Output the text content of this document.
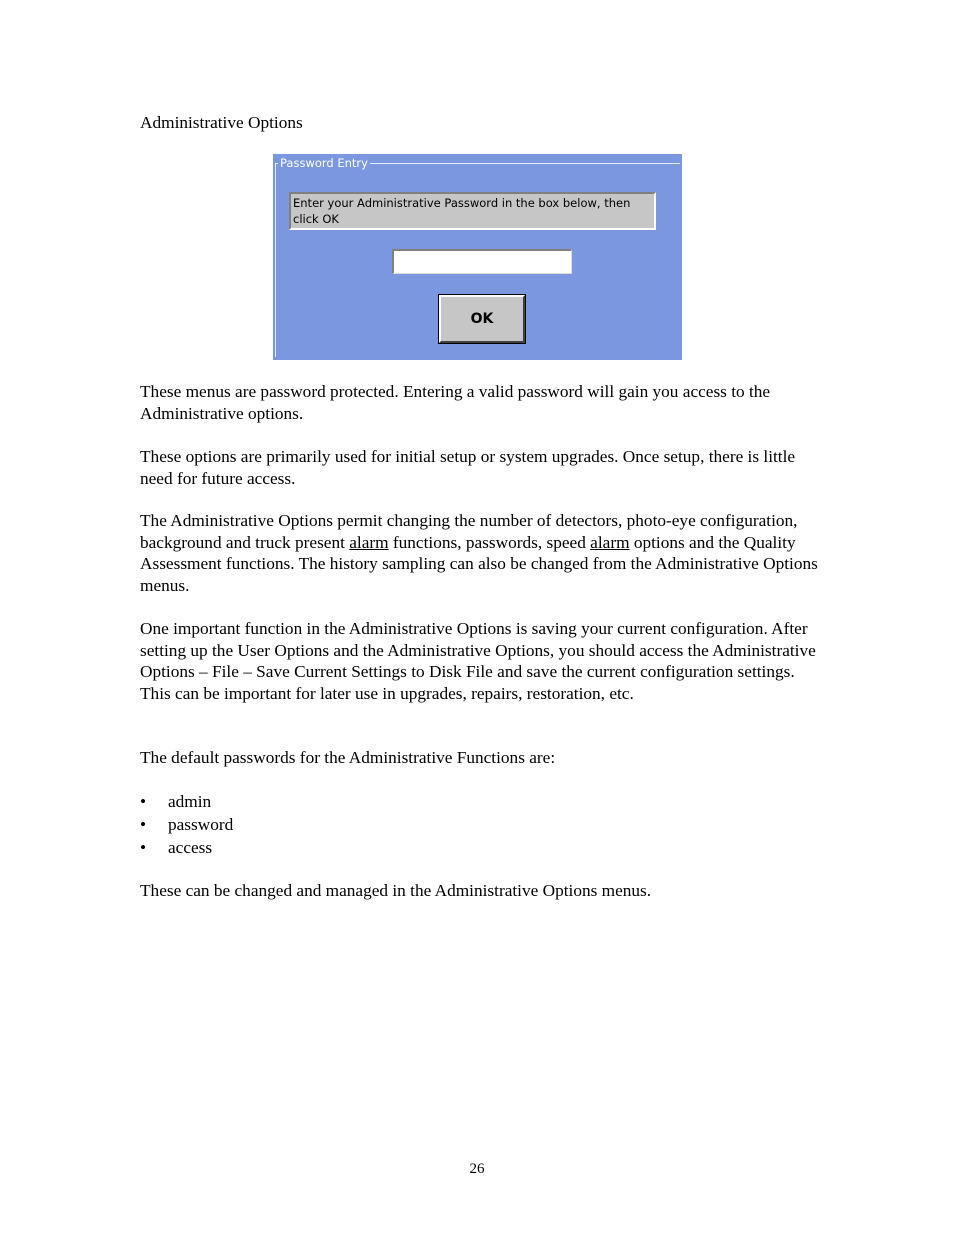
Administrative Options
Password Entry
Enter your Administrative Password in the box below, then click OK
OK

These menus are password protected. Entering a valid password will gain you access to the Administrative options.

These options are primarily used for initial setup or system upgrades. Once setup, there is little need for future access.

The Administrative Options permit changing the number of detectors, photo-eye configuration, background and truck present alarm functions, passwords, speed alarm options and the Quality Assessment functions. The history sampling can also be changed from the Administrative Options menus.

One important function in the Administrative Options is saving your current configuration. After setting up the User Options and the Administrative Options, you should access the Administrative Options – File – Save Current Settings to Disk File and save the current configuration settings. This can be important for later use in upgrades, repairs, restoration, etc.

The default passwords for the Administrative Functions are:

• admin
• password
• access

These can be changed and managed in the Administrative Options menus.

26
